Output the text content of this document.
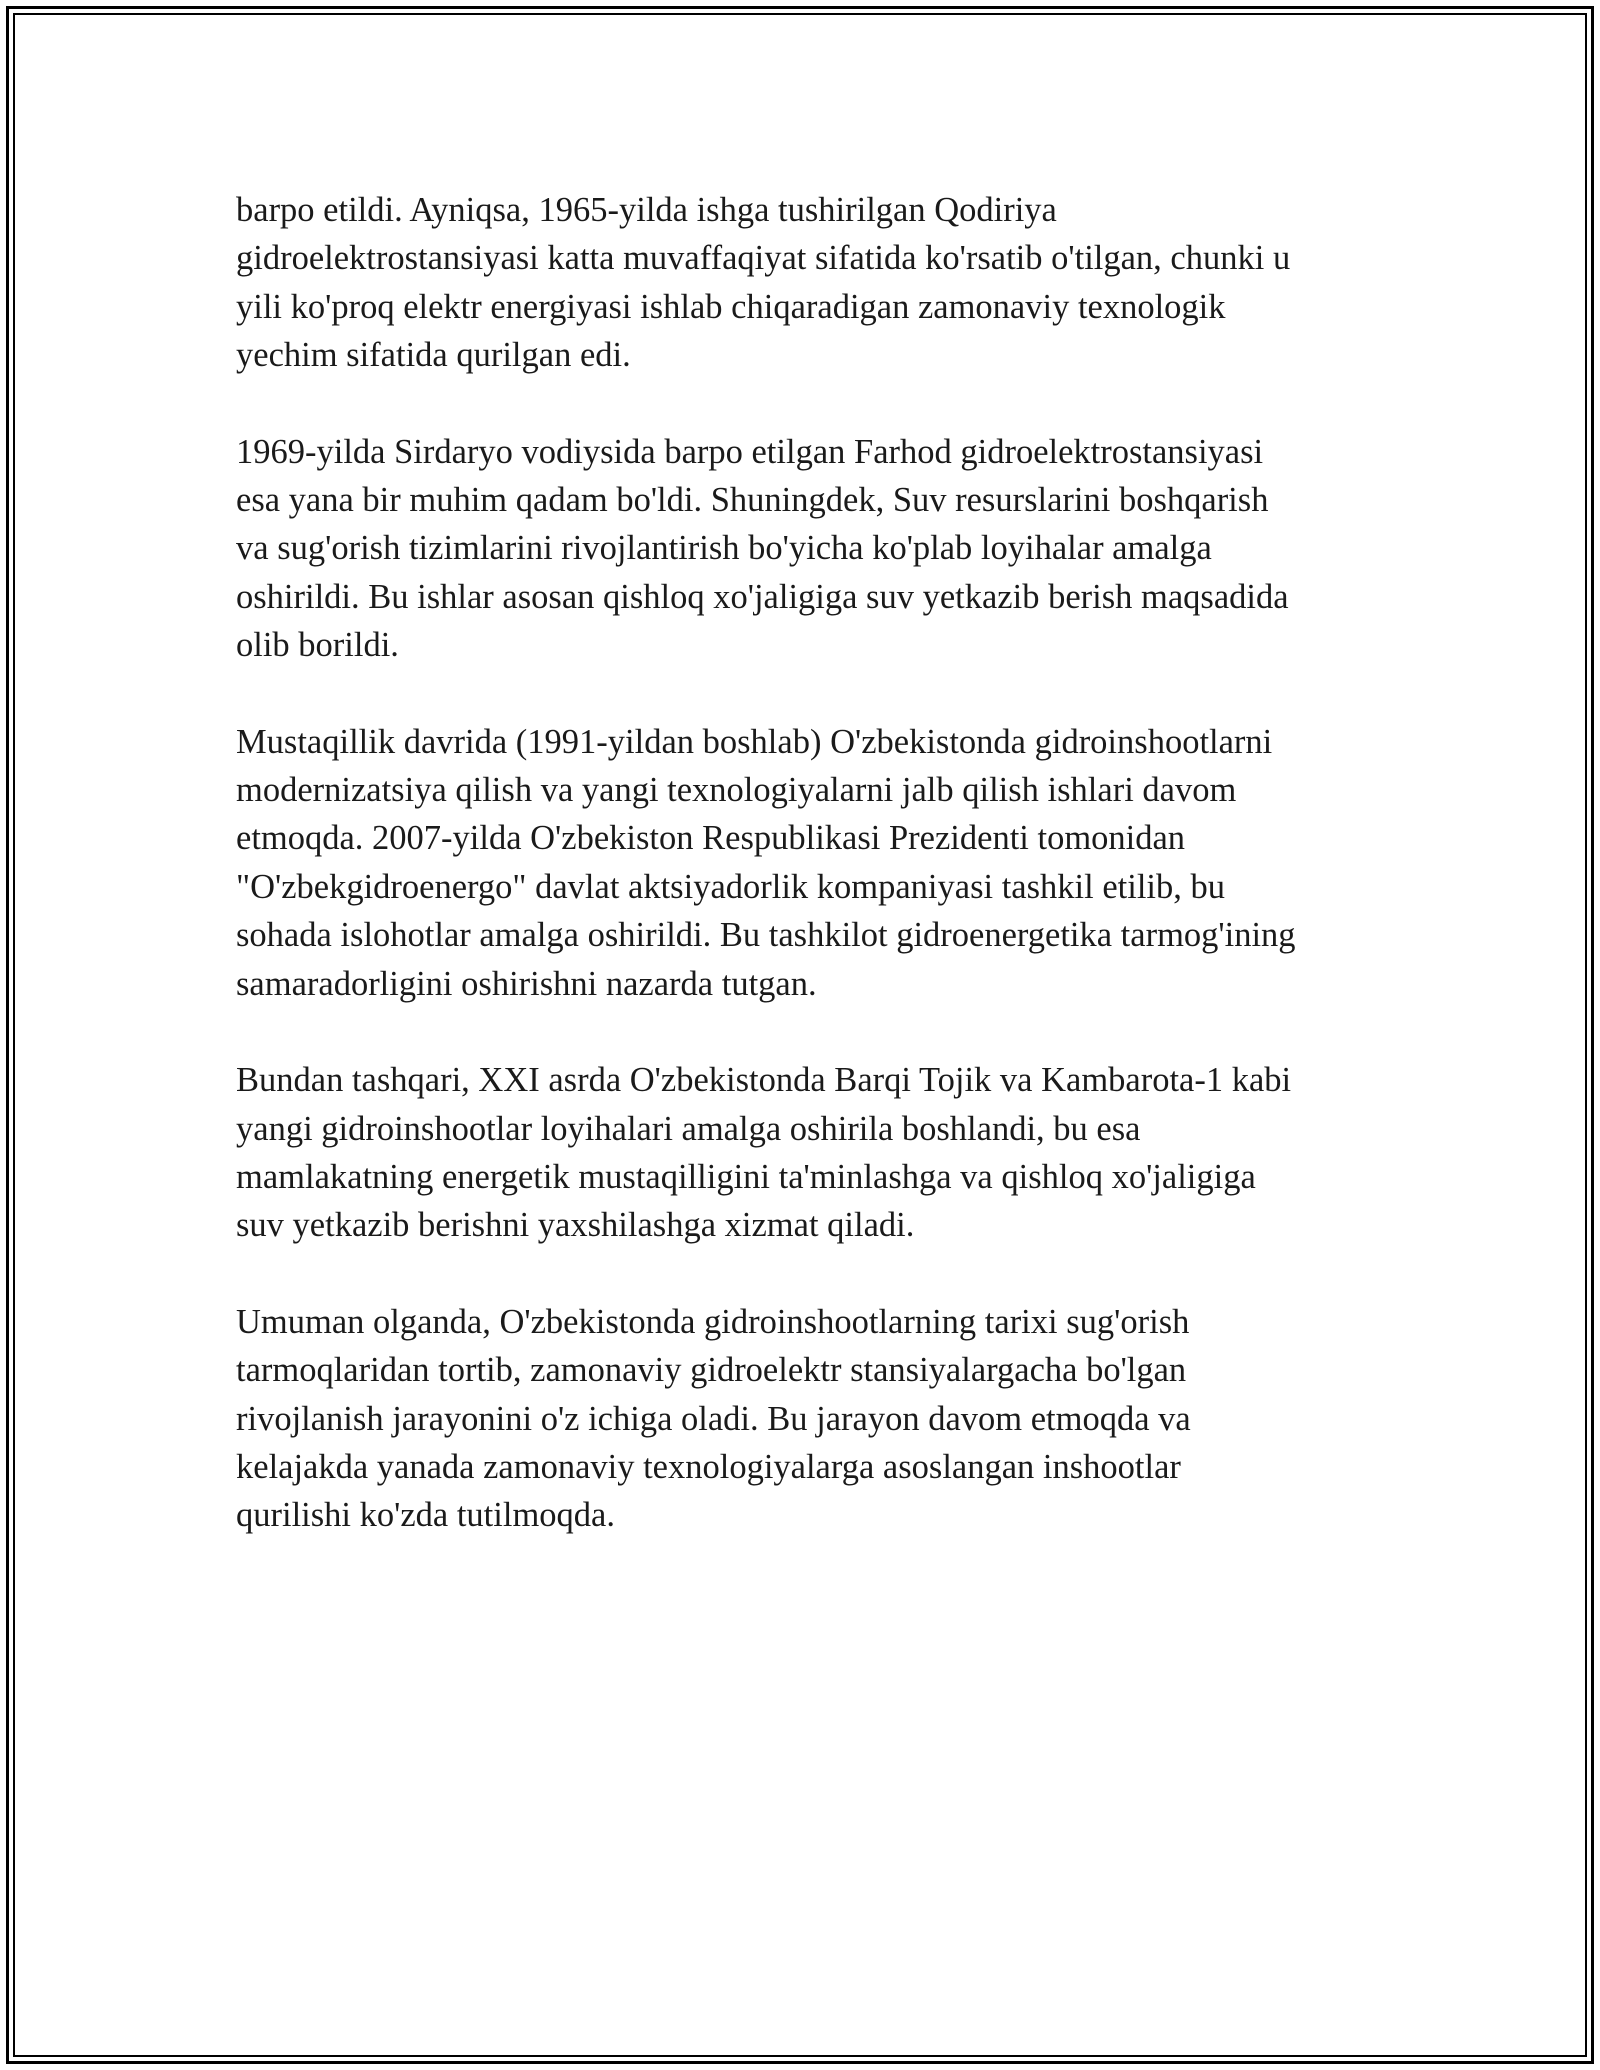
barpo etildi. Ayniqsa, 1965-yilda ishga tushirilgan Qodiriya
gidroelektrostansiyasi katta muvaffaqiyat sifatida ko'rsatib o'tilgan, chunki u
yili ko'proq elektr energiyasi ishlab chiqaradigan zamonaviy texnologik
yechim sifatida qurilgan edi.

1969-yilda Sirdaryo vodiysida barpo etilgan Farhod gidroelektrostansiyasi
esa yana bir muhim qadam bo'ldi. Shuningdek, Suv resurslarini boshqarish
va sug'orish tizimlarini rivojlantirish bo'yicha ko'plab loyihalar amalga
oshirildi. Bu ishlar asosan qishloq xo'jaligiga suv yetkazib berish maqsadida
olib borildi.

Mustaqillik davrida (1991-yildan boshlab) O'zbekistonda gidroinshootlarni
modernizatsiya qilish va yangi texnologiyalarni jalb qilish ishlari davom
etmoqda. 2007-yilda O'zbekiston Respublikasi Prezidenti tomonidan
"O'zbekgidroenergo" davlat aktsiyadorlik kompaniyasi tashkil etilib, bu
sohada islohotlar amalga oshirildi. Bu tashkilot gidroenergetika tarmog'ining
samaradorligini oshirishni nazarda tutgan.

Bundan tashqari, XXI asrda O'zbekistonda Barqi Tojik va Kambarota-1 kabi
yangi gidroinshootlar loyihalari amalga oshirila boshlandi, bu esa
mamlakatning energetik mustaqilligini ta'minlashga va qishloq xo'jaligiga
suv yetkazib berishni yaxshilashga xizmat qiladi.

Umuman olganda, O'zbekistonda gidroinshootlarning tarixi sug'orish
tarmoqlaridan tortib, zamonaviy gidroelektr stansiyalargacha bo'lgan
rivojlanish jarayonini o'z ichiga oladi. Bu jarayon davom etmoqda va
kelajakda yanada zamonaviy texnologiyalarga asoslangan inshootlar
qurilishi ko'zda tutilmoqda.
